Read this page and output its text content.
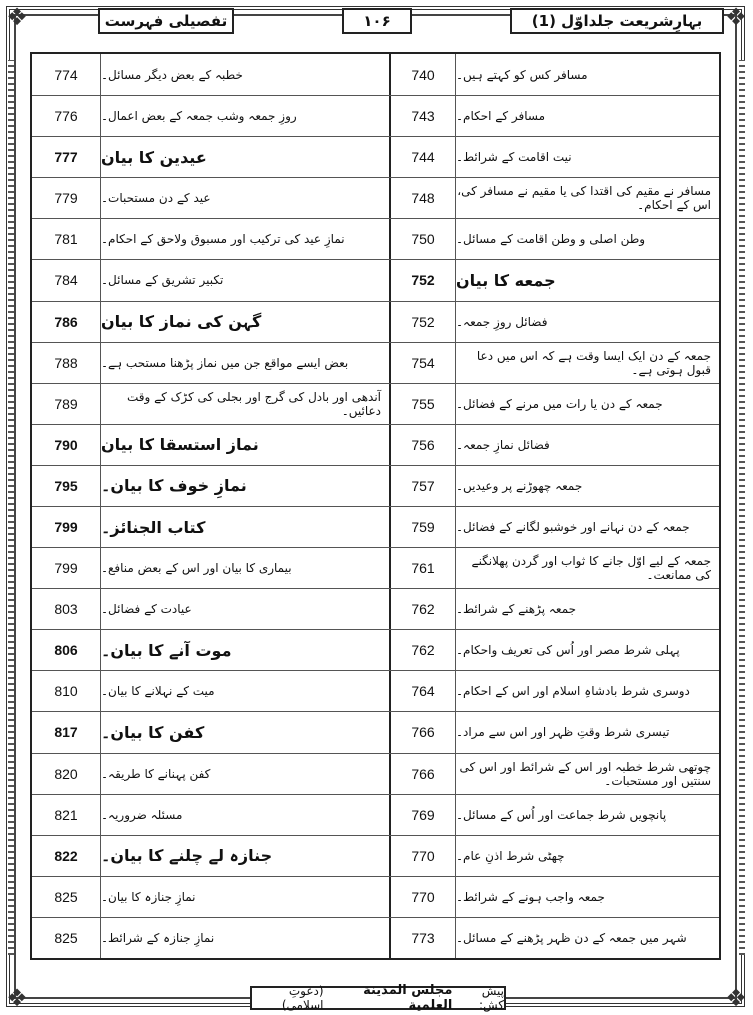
❖	❖
❖	❖
تفصیلی فہرست	۱۰۶	بہارِشریعت جلداوّل (1)
774 خطبہ کے بعض دیگر مسائل۔	740 مسافر کس کو کہتے ہیں۔
776 روزِ جمعہ وشب جمعہ کے بعض اعمال۔	743 مسافر کے احکام۔
777 عیدین کا بیان	744 نیت اقامت کے شرائط۔
779 عید کے دن مستحبات۔	748 مسافر نے مقیم کی اقتدا کی یا مقیم نے مسافر کی، اس کے احکام۔
781 نمازِ عید کی ترکیب اور مسبوق ولاحق کے احکام۔	750 وطن اصلی و وطن اقامت کے مسائل۔
784 تکبیر تشریق کے مسائل۔	752 جمعه کا بیان
786 گہن کی نماز کا بیان	752 فضائل روزِ جمعہ۔
788 بعض ایسے مواقع جن میں نماز پڑھنا مستحب ہے۔	754	جمعہ کے دن ایک ایسا وقت ہے کہ اس میں دعا قبول ہوتی ہے۔
789	آندھی اور بادل کی گرج اور بجلی کی کڑک کے وقت دعائیں۔ 755 جمعہ کے دن یا رات میں مرنے کے فضائل۔
790 نماز استسقا کا بیان	756 فضائل نمازِ جمعہ۔
795 نمازِ خوف کا بیان۔	757 جمعہ چھوڑنے پر وعیدیں۔
799 كتاب الجنائز۔	759 جمعہ کے دن نہانے اور خوشبو لگانے کے فضائل۔
799 بیماری کا بیان اور اس کے بعض منافع۔	761	جمعہ کے لیے اوّل جانے کا ثواب اور گردن پھلانگنے کی ممانعت۔
803 عیادت کے فضائل۔	762 جمعہ پڑھنے کے شرائط۔
806 موت آنے کا بیان۔	762 پہلی شرط مصر اور اُس کی تعریف واحکام۔
810 میت کے نہلانے کا بیان۔	764 دوسری شرط بادشاہِ اسلام اور اس کے احکام۔
817 کفن کا بیان۔	766 تیسری شرط وقتِ ظہر اور اس سے مراد۔
820 کفن پہنانے کا طریقہ۔	766 چوتھی شرط خطبہ اور اس کے شرائط اور اس کی سنتیں اور مستحبات۔
821 مسئلہ ضروریہ۔	769 پانچویں شرط جماعت اور اُس کے مسائل۔
822 جنازہ لے چلنے کا بیان۔	770 چھٹی شرط اذنِ عام۔
825 نمازِ جنازہ کا بیان۔	770 جمعہ واجب ہونے کے شرائط۔
825 نمازِ جنازہ کے شرائط۔	773 شہر میں جمعہ کے دن ظہر پڑھنے کے مسائل۔
پیش کش:
مجلس المدينة العلمية
(دعوتِ اسلامی)
